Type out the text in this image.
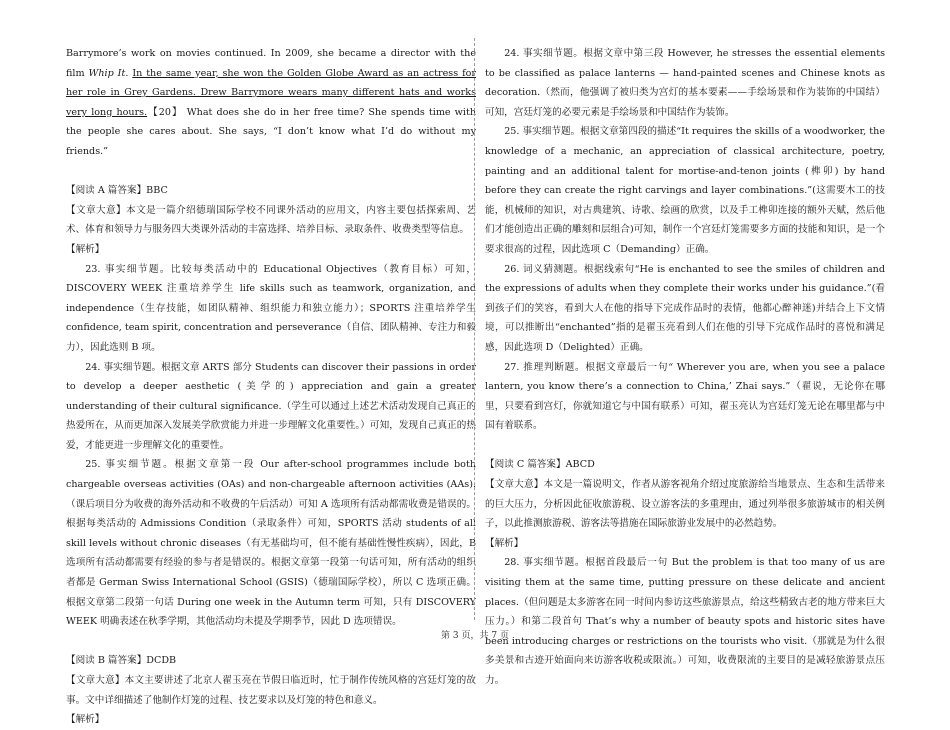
Barrymore’s work on movies continued. In 2009, she became a director with the film Whip It. In the same year, she won the Golden Globe Award as an actress for her role in Grey Gardens. Drew Barrymore wears many different hats and works very long hours.【20】 What does she do in her free time? She spends time with the people she cares about. She says, “I don’t know what I’d do without my friends.”

【阅读 A 篇答案】BBC

【文章大意】本文是一篇介绍德瑞国际学校不同课外活动的应用文，内容主要包括探索周、艺术、体育和领导力与服务四大类课外活动的丰富选择、培养目标、录取条件、收费类型等信息。

【解析】

23. 事实细节题。比较每类活动中的 Educational Objectives（教育目标）可知，DISCOVERY WEEK 注重培养学生 life skills such as teamwork, organization, and independence（生存技能，如团队精神、组织能力和独立能力）；SPORTS 注重培养学生 confidence, team spirit, concentration and perseverance（自信、团队精神、专注力和毅力），因此选则 B 项。

24. 事实细节题。根据文章 ARTS 部分 Students can discover their passions in order to develop a deeper aesthetic (美学的) appreciation and gain a greater understanding of their cultural significance.（学生可以通过上述艺术活动发现自己真正的热爱所在，从而更加深入发展美学欣赏能力并进一步理解文化重要性。）可知，发现自己真正的热爱，才能更进一步理解文化的重要性。

25. 事实细节题。根据文章第一段 Our after-school programmes include both chargeable overseas activities (OAs) and non-chargeable afternoon activities (AAs).（课后项目分为收费的海外活动和不收费的午后活动）可知 A 选项所有活动都需收费是错误的。根据每类活动的 Admissions Condition（录取条件）可知，SPORTS 活动 students of all skill levels without chronic diseases（有无基础均可，但不能有基础性慢性疾病），因此，B 选项所有活动都需要有经验的参与者是错误的。根据文章第一段第一句话可知，所有活动的组织者都是 German Swiss International School (GSIS)（德瑞国际学校），所以 C 选项正确。根据文章第二段第一句话 During one week in the Autumn term 可知，只有 DISCOVERY WEEK 明确表述在秋季学期，其他活动均未提及学期季节，因此 D 选项错误。

【阅读 B 篇答案】DCDB

【文章大意】本文主要讲述了北京人翟玉亮在节假日临近时，忙于制作传统风格的宫廷灯笼的故事。文中详细描述了他制作灯笼的过程、技艺要求以及灯笼的特色和意义。

【解析】

24. 事实细节题。根据文章中第三段 However, he stresses the essential elements to be classified as palace lanterns — hand-painted scenes and Chinese knots as decoration.（然而，他强调了被归类为宫灯的基本要素——手绘场景和作为装饰的中国结）可知，宫廷灯笼的必要元素是手绘场景和中国结作为装饰。

25. 事实细节题。根据文章第四段的描述“It requires the skills of a woodworker, the knowledge of a mechanic, an appreciation of classical architecture, poetry, painting and an additional talent for mortise-and-tenon joints (榫卯) by hand before they can create the right carvings and layer combinations.”(这需要木工的技能，机械师的知识，对古典建筑、诗歌、绘画的欣赏，以及手工榫卯连接的额外天赋，然后他们才能创造出正确的雕刻和层组合)可知，制作一个宫廷灯笼需要多方面的技能和知识，是一个要求很高的过程，因此选项 C（Demanding）正确。

26. 词义猜测题。根据线索句“He is enchanted to see the smiles of children and the expressions of adults when they complete their works under his guidance.”(看到孩子们的笑容，看到大人在他的指导下完成作品时的表情，他都心醉神迷)并结合上下文情境，可以推断出“enchanted”指的是翟玉亮看到人们在他的引导下完成作品时的喜悦和满足感，因此选项 D（Delighted）正确。

27. 推理判断题。根据文章最后一句“ Wherever you are, when you see a palace lantern, you know there’s a connection to China,’ Zhai says.”（翟说，无论你在哪里，只要看到宫灯，你就知道它与中国有联系）可知，翟玉亮认为宫廷灯笼无论在哪里都与中国有着联系。

【阅读 C 篇答案】ABCD

【文章大意】本文是一篇说明文，作者从游客视角介绍过度旅游给当地景点、生态和生活带来的巨大压力，分析因此征收旅游税、设立游客法的多重理由，通过列举很多旅游城市的相关例子，以此推测旅游税、游客法等措施在国际旅游业发展中的必然趋势。

【解析】

28. 事实细节题。根据首段最后一句 But the problem is that too many of us are visiting them at the same time, putting pressure on these delicate and ancient places.（但问题是太多游客在同一时间内参访这些旅游景点，给这些精致古老的地方带来巨大压力。）和第二段首句 That’s why a number of beauty spots and historic sites have been introducing charges or restrictions on the tourists who visit.（那就是为什么很多美景和古迹开始面向来访游客收税或限流。）可知，收费限流的主要目的是减轻旅游景点压力。

第 3 页，共 7 页
